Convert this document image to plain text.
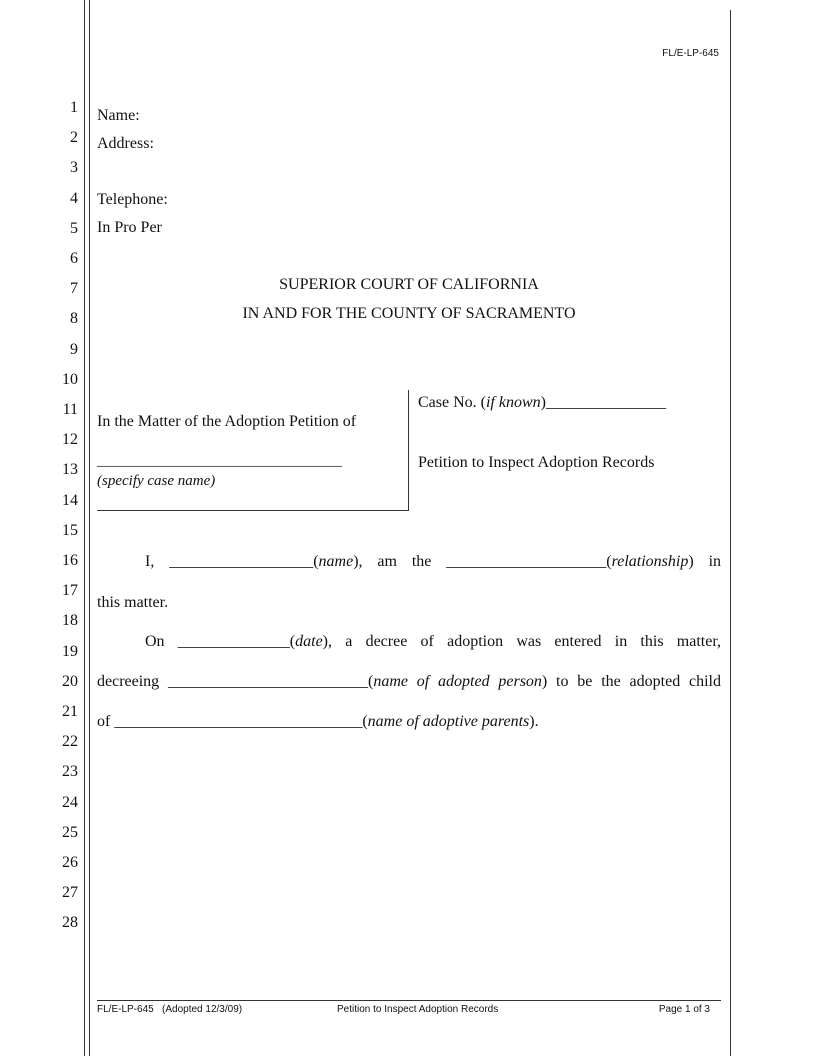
FL/E-LP-645
1
2
3
4
5
6
7
8
9
10
11
12
13
14
15
16
17
18
19
20
21
22
23
24
25
26
27
28
Name:
Address:
Telephone:
In Pro Per
SUPERIOR COURT OF CALIFORNIA
IN AND FOR THE COUNTY OF SACRAMENTO
In the Matter of the Adoption Petition of
___________________________________
(specify case name)
Case No. (if known)_______________
Petition to Inspect Adoption Records
I, __________________(name), am the ____________________(relationship) in
this matter.
On ______________(date), a decree of adoption was entered in this matter,
decreeing _________________________(name of adopted person) to be the adopted child
of _______________________________(name of adoptive parents).
FL/E-LP-645   (Adopted 12/3/09)	Petition to Inspect Adoption Records	Page 1 of 3
